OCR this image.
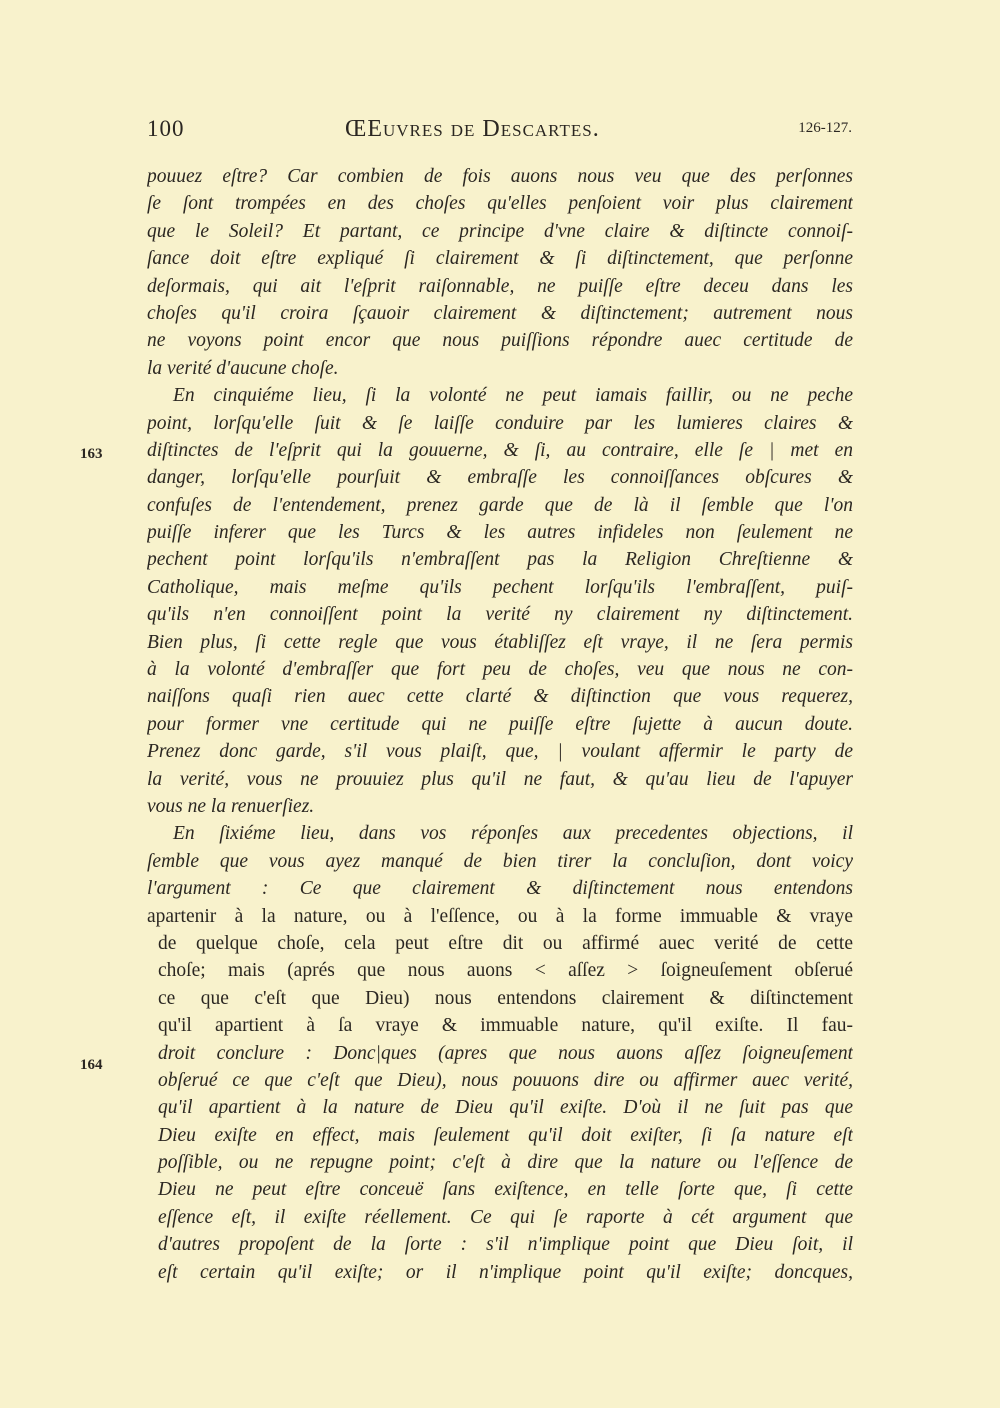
100	ŒEuvres de Descartes.	126-127.
163
164
pouuez eſtre? Car combien de fois auons nous veu que des perſonnes
ſe ſont trompées en des choſes qu'elles penſoient voir plus clairement
que le Soleil? Et partant, ce principe d'vne claire & diſtincte connoiſ-
ſance doit eſtre expliqué ſi clairement & ſi diſtinctement, que perſonne
deſormais, qui ait l'eſprit raiſonnable, ne puiſſe eſtre deceu dans les
choſes qu'il croira ſçauoir clairement & diſtinctement; autrement nous
ne voyons point encor que nous puiſſions répondre auec certitude de
la verité d'aucune choſe.
En cinquiéme lieu, ſi la volonté ne peut iamais faillir, ou ne peche
point, lorſqu'elle ſuit & ſe laiſſe conduire par les lumieres claires &
diſtinctes de l'eſprit qui la gouuerne, & ſi, au contraire, elle ſe | met en
danger, lorſqu'elle pourſuit & embraſſe les connoiſſances obſcures &
confuſes de l'entendement, prenez garde que de là il ſemble que l'on
puiſſe inferer que les Turcs & les autres infideles non ſeulement ne
pechent point lorſqu'ils n'embraſſent pas la Religion Chreſtienne &
Catholique, mais meſme qu'ils pechent lorſqu'ils l'embraſſent, puiſ-
qu'ils n'en connoiſſent point la verité ny clairement ny diſtinctement.
Bien plus, ſi cette regle que vous établiſſez eſt vraye, il ne ſera permis
à la volonté d'embraſſer que fort peu de choſes, veu que nous ne con-
naiſſons quaſi rien auec cette clarté & diſtinction que vous requerez,
pour former vne certitude qui ne puiſſe eſtre ſujette à aucun doute.
Prenez donc garde, s'il vous plaiſt, que, | voulant affermir le party de
la verité, vous ne prouuiez plus qu'il ne faut, & qu'au lieu de l'apuyer
vous ne la renuerſiez.
En ſixiéme lieu, dans vos réponſes aux precedentes objections, il
ſemble que vous ayez manqué de bien tirer la concluſion, dont voicy
l'argument : Ce que clairement & diſtinctement nous entendons
apartenir à la nature, ou à l'eſſence, ou à la forme immuable & vraye
de quelque choſe, cela peut eſtre dit ou affirmé auec verité de cette
choſe; mais (aprés que nous auons < aſſez > ſoigneuſement obſerué
ce que c'eſt que Dieu) nous entendons clairement & diſtinctement
qu'il apartient à ſa vraye & immuable nature, qu'il exiſte. Il fau-
droit conclure : Donc|ques (apres que nous auons aſſez ſoigneuſement
obſerué ce que c'eſt que Dieu), nous pouuons dire ou affirmer auec verité,
qu'il apartient à la nature de Dieu qu'il exiſte. D'où il ne ſuit pas que
Dieu exiſte en effect, mais ſeulement qu'il doit exiſter, ſi ſa nature eſt
poſſible, ou ne repugne point; c'eſt à dire que la nature ou l'eſſence de
Dieu ne peut eſtre conceuë ſans exiſtence, en telle ſorte que, ſi cette
eſſence eſt, il exiſte réellement. Ce qui ſe raporte à cét argument que
d'autres propoſent de la ſorte : s'il n'implique point que Dieu ſoit, il
eſt certain qu'il exiſte; or il n'implique point qu'il exiſte; doncques,
